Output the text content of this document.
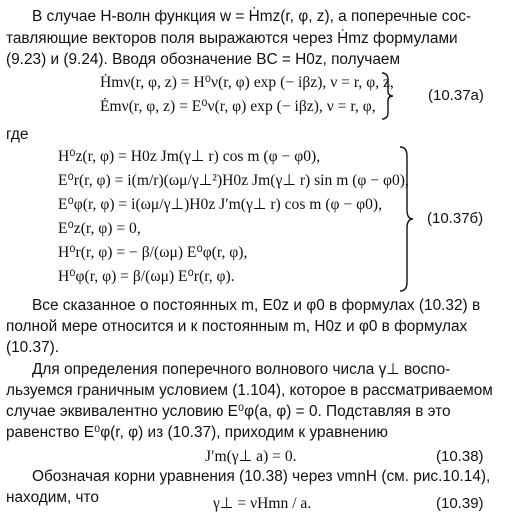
В случае H-волн функция w = Ḣmz(r, φ, z), а поперечные сос-
тавляющие векторов поля выражаются через Ḣmz формулами
(9.23) и (9.24). Вводя обозначение BC = H0z, получаем
Ḣmν(r, φ, z) = H⁰ν(r, φ) exp (− iβz), ν = r, φ, z,
Ėmν(r, φ, z) = E⁰ν(r, φ) exp (− iβz), ν = r, φ,
(10.37а)
где
H⁰z(r, φ) = H0z Jm(γ⊥ r) cos m (φ − φ0),
E⁰r(r, φ) = i(m/r)(ωμ/γ⊥²)H0z Jm(γ⊥ r) sin m (φ − φ0),
E⁰φ(r, φ) = i(ωμ/γ⊥)H0z J′m(γ⊥ r) cos m (φ − φ0),
E⁰z(r, φ) = 0,
H⁰r(r, φ) = − β/(ωμ) E⁰φ(r, φ),
H⁰φ(r, φ) = β/(ωμ) E⁰r(r, φ).
(10.37б)
Все сказанное о постоянных m, E0z и φ0 в формулах (10.32) в
полной мере относится и к постоянным m, H0z и φ0 в формулах
(10.37).
Для определения поперечного волнового числа γ⊥ воспо-
льзуемся граничным условием (1.104), которое в рассматриваемом
случае эквивалентно условию E⁰φ(a, φ) = 0. Подставляя в это
равенство E⁰φ(r, φ) из (10.37), приходим к уравнению
J′m(γ⊥ a) = 0.	(10.38)
Обозначая корни уравнения (10.38) через νmnH (см. рис.10.14),
находим, что	γ⊥ = νHmn / a.	(10.39)
